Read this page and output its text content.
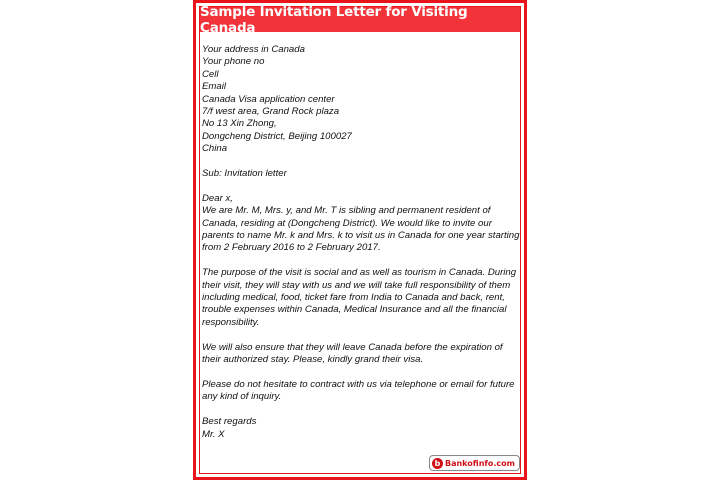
Sample Invitation Letter for Visiting Canada

Your address in Canada
Your phone no
Cell
Email
Canada Visa application center
7/f west area, Grand Rock plaza
No 13 Xin Zhong,
Dongcheng District, Beijing 100027
China

Sub: Invitation letter

Dear x,
We are Mr. M, Mrs. y, and Mr. T is sibling and permanent resident of Canada, residing at (Dongcheng District). We would like to invite our parents to name Mr. k and Mrs. k to visit us in Canada for one year starting from 2 February 2016 to 2 February 2017.

The purpose of the visit is social and as well as tourism in Canada. During their visit, they will stay with us and we will take full responsibility of them including medical, food, ticket fare from India to Canada and back, rent, trouble expenses within Canada, Medical Insurance and all the financial responsibility.

We will also ensure that they will leave Canada before the expiration of their authorized stay. Please, kindly grand their visa.

Please do not hesitate to contract with us via telephone or email for future any kind of inquiry.

Best regards
Mr. X

b Bankofinfo.com
